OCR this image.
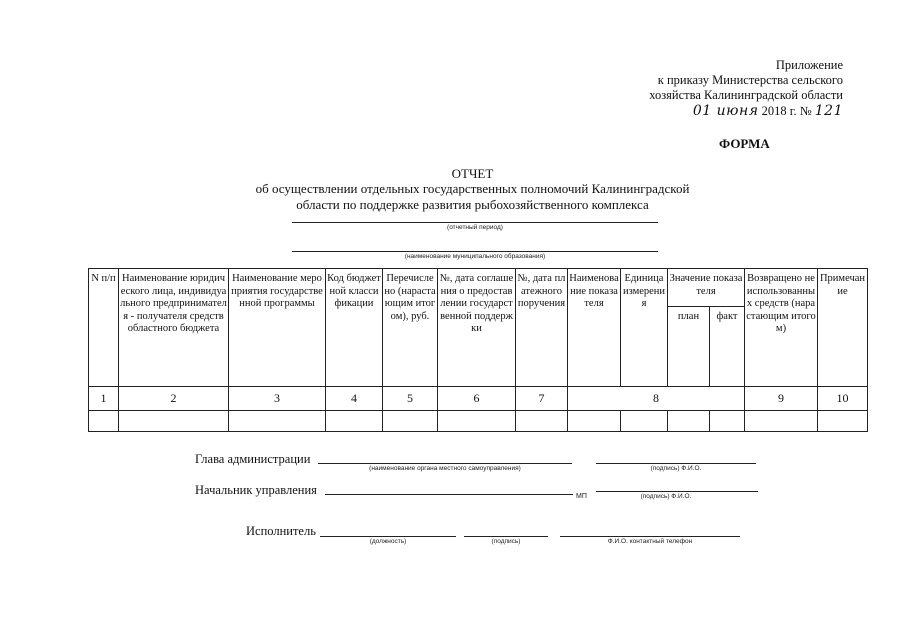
Приложение
к приказу Министерства сельского
хозяйства Калининградской области
01 июня 2018 г. № 121
ФОРМА
ОТЧЕТ
об осуществлении отдельных государственных полномочий Калининградской
области по поддержке развития рыбохозяйственного комплекса
(отчетный период)
(наименование муниципального образования)
N п/п	Наименование юридического лица, индивидуального предпринимателя - получателя средств областного бюджета	Наименование мероприятия государственной программы	Код бюджетной классификации	Перечислено (нарастающим итогом), руб.	№, дата соглашения о предоставлении государственной поддержки	№, дата платежного поручения	Наименование показателя	Единица измерения	Значение показателя		Возвращено неиспользованных средств (нарастающим итогом)	Примечание
									план	факт		
1	2	3	4	5	6	7	8				9	10

Глава администрации
(наименование органа местного самоуправления)	(подпись) Ф.И.О.
Начальник управления	МП	(подпись) Ф.И.О.
Исполнитель
(должность)	(подпись)	Ф.И.О. контактный телефон
